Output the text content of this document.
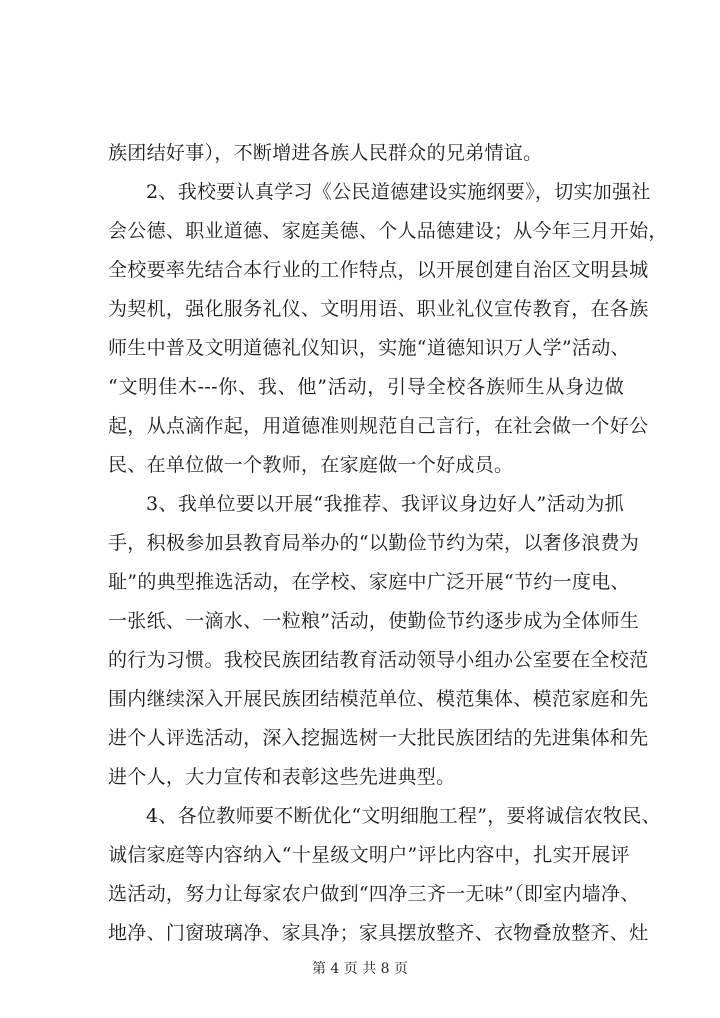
族团结好事），不断增进各族人民群众的兄弟情谊。
2、我校要认真学习《公民道德建设实施纲要》，切实加强社
会公德、职业道德、家庭美德、个人品德建设；从今年三月开始，
全校要率先结合本行业的工作特点，以开展创建自治区文明县城
为契机，强化服务礼仪、文明用语、职业礼仪宣传教育，在各族
师生中普及文明道德礼仪知识，实施“道德知识万人学”活动、
“文明佳木---你、我、他”活动，引导全校各族师生从身边做
起，从点滴作起，用道德准则规范自己言行，在社会做一个好公
民、在单位做一个教师，在家庭做一个好成员。
3、我单位要以开展“我推荐、我评议身边好人”活动为抓
手，积极参加县教育局举办的“以勤俭节约为荣，以奢侈浪费为
耻”的典型推选活动，在学校、家庭中广泛开展“节约一度电、
一张纸、一滴水、一粒粮”活动，使勤俭节约逐步成为全体师生
的行为习惯。我校民族团结教育活动领导小组办公室要在全校范
围内继续深入开展民族团结模范单位、模范集体、模范家庭和先
进个人评选活动，深入挖掘选树一大批民族团结的先进集体和先
进个人，大力宣传和表彰这些先进典型。
4、各位教师要不断优化“文明细胞工程”，要将诚信农牧民、
诚信家庭等内容纳入“十星级文明户”评比内容中，扎实开展评
选活动，努力让每家农户做到“四净三齐一无味”（即室内墙净、
地净、门窗玻璃净、家具净；家具摆放整齐、衣物叠放整齐、灶
第 4 页 共 8 页
